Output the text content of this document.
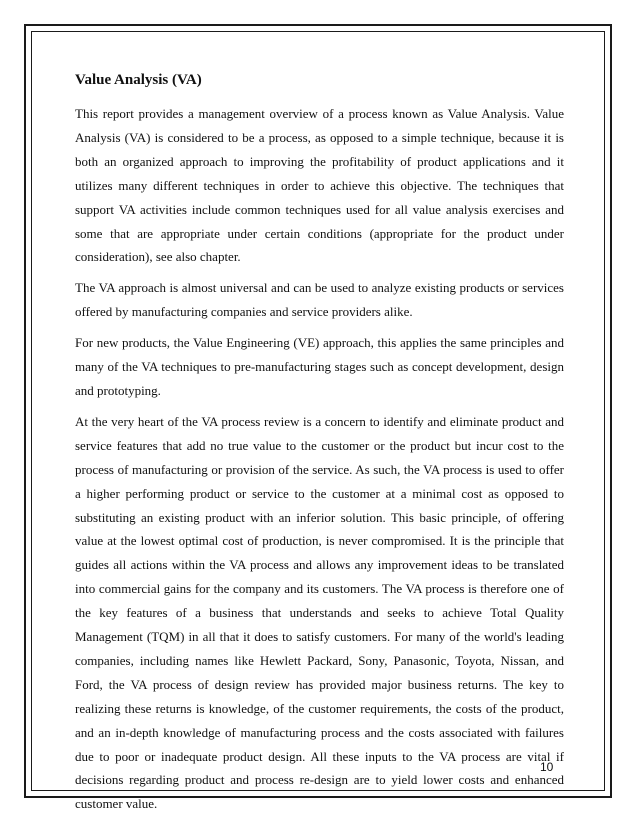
Value Analysis (VA)

This report provides a management overview of a process known as Value Analysis. Value Analysis (VA) is considered to be a process, as opposed to a simple technique, because it is both an organized approach to improving the profitability of product applications and it utilizes many different techniques in order to achieve this objective. The techniques that support VA activities include common techniques used for all value analysis exercises and some that are appropriate under certain conditions (appropriate for the product under consideration), see also chapter.

The VA approach is almost universal and can be used to analyze existing products or services offered by manufacturing companies and service providers alike.

For new products, the Value Engineering (VE) approach, this applies the same principles and many of the VA techniques to pre-manufacturing stages such as concept development, design and prototyping.

At the very heart of the VA process review is a concern to identify and eliminate product and service features that add no true value to the customer or the product but incur cost to the process of manufacturing or provision of the service. As such, the VA process is used to offer a higher performing product or service to the customer at a minimal cost as opposed to substituting an existing product with an inferior solution. This basic principle, of offering value at the lowest optimal cost of production, is never compromised. It is the principle that guides all actions within the VA process and allows any improvement ideas to be translated into commercial gains for the company and its customers. The VA process is therefore one of the key features of a business that understands and seeks to achieve Total Quality Management (TQM) in all that it does to satisfy customers. For many of the world's leading companies, including names like Hewlett Packard, Sony, Panasonic, Toyota, Nissan, and Ford, the VA process of design review has provided major business returns. The key to realizing these returns is knowledge, of the customer requirements, the costs of the product, and an in-depth knowledge of manufacturing process and the costs associated with failures due to poor or inadequate product design. All these inputs to the VA process are vital if decisions regarding product and process re-design are to yield lower costs and enhanced customer value.

10
